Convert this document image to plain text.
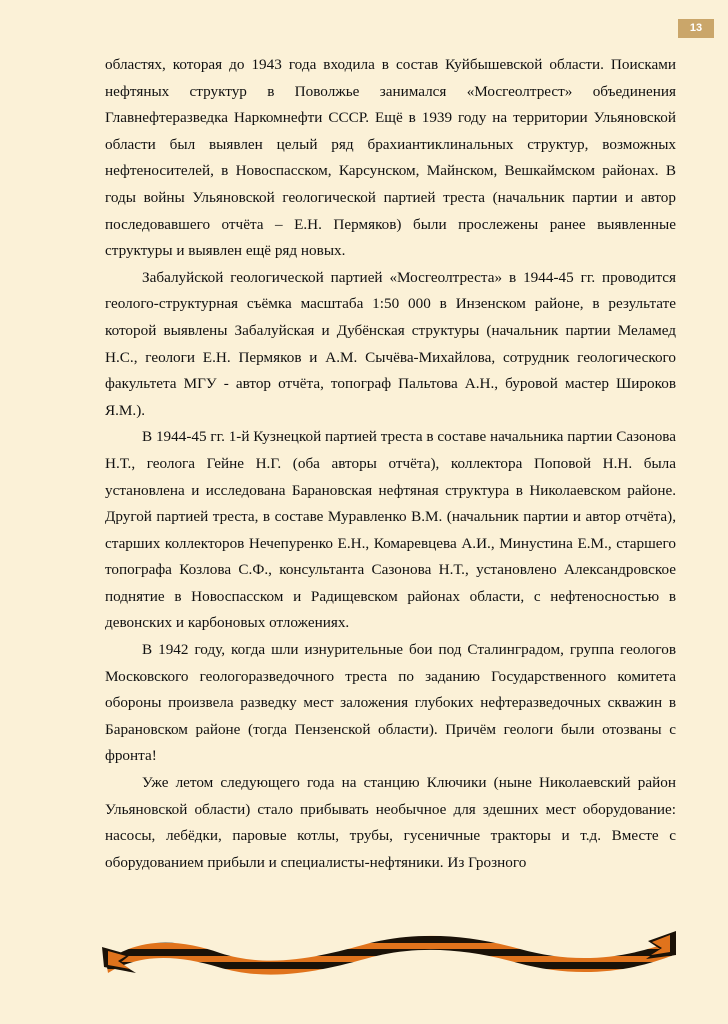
13

областях, которая до 1943 года входила в состав Куйбышевской области. Поисками нефтяных структур в Поволжье занимался «Мосгеолтрест» объединения Главнефтеразведка Наркомнефти СССР. Ещё в 1939 году на территории Ульяновской области был выявлен целый ряд брахиантиклинальных структур, возможных нефтеносителей, в Новоспасском, Карсунском, Майнском, Вешкаймском районах. В годы войны Ульяновской геологической партией треста (начальник партии и автор последовавшего отчёта – Е.Н. Пермяков) были прослежены ранее выявленные структуры и выявлен ещё ряд новых.

Забалуйской геологической партией «Мосгеолтреста» в 1944-45 гг. проводится геолого-структурная съёмка масштаба 1:50 000 в Инзенском районе, в результате которой выявлены Забалуйская и Дубёнская структуры (начальник партии Меламед Н.С., геологи Е.Н. Пермяков и А.М. Сычёва-Михайлова, сотрудник геологического факультета МГУ - автор отчёта, топограф Пальтова А.Н., буровой мастер Широков Я.М.).

В 1944-45 гг. 1-й Кузнецкой партией треста в составе начальника партии Сазонова Н.Т., геолога Гейне Н.Г. (оба авторы отчёта), коллектора Поповой Н.Н. была установлена и исследована Барановская нефтяная структура в Николаевском районе. Другой партией треста, в составе Муравленко В.М. (начальник партии и автор отчёта), старших коллекторов Нечепуренко Е.Н., Комаревцева А.И., Минустина Е.М., старшего топографа Козлова С.Ф., консультанта Сазонова Н.Т., установлено Александровское поднятие в Новоспасском и Радищевском районах области, с нефтеносностью в девонских и карбоновых отложениях.

В 1942 году, когда шли изнурительные бои под Сталинградом, группа геологов Московского геологоразведочного треста по заданию Государственного комитета обороны произвела разведку мест заложения глубоких нефтеразведочных скважин в Барановском районе (тогда Пензенской области). Причём геологи были отозваны с фронта!

Уже летом следующего года на станцию Ключики (ныне Николаевский район Ульяновской области) стало прибывать необычное для здешних мест оборудование: насосы, лебёдки, паровые котлы, трубы, гусеничные тракторы и т.д. Вместе с оборудованием прибыли и специалисты-нефтяники. Из Грозного
